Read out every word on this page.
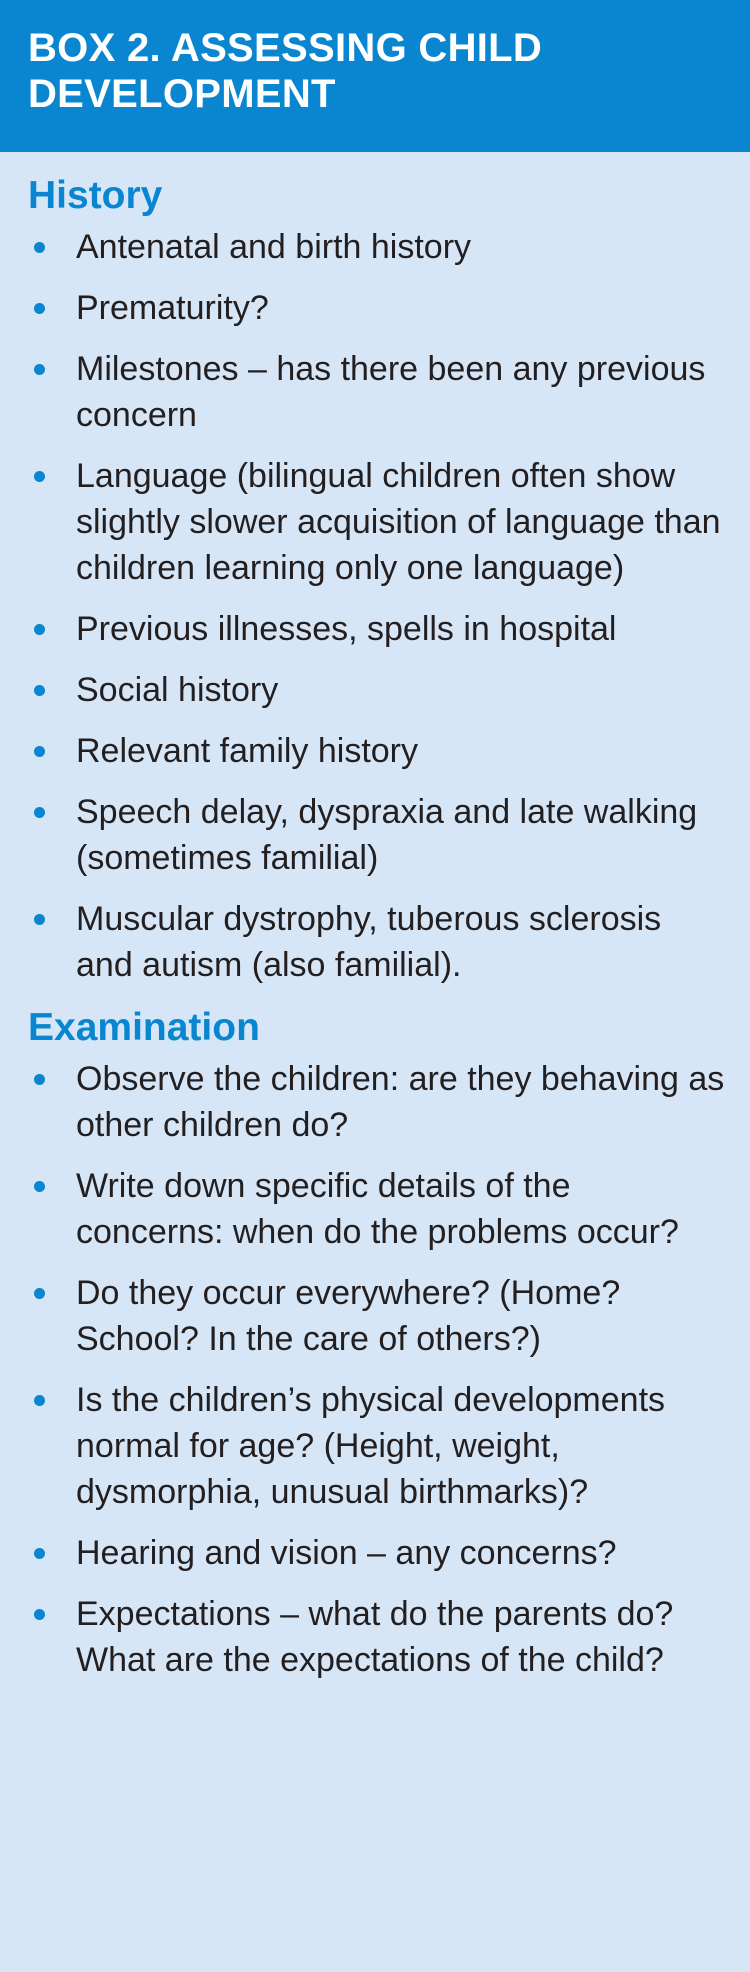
BOX 2. ASSESSING CHILD
DEVELOPMENT
History
Antenatal and birth history
Prematurity?
Milestones – has there been any previous concern
Language (bilingual children often show slightly slower acquisition of language than children learning only one language)
Previous illnesses, spells in hospital
Social history
Relevant family history
Speech delay, dyspraxia and late walking (sometimes familial)
Muscular dystrophy, tuberous sclerosis and autism (also familial).
Examination
Observe the children: are they behaving as other children do?
Write down specific details of the concerns: when do the problems occur?
Do they occur everywhere? (Home? School? In the care of others?)
Is the children’s physical developments normal for age? (Height, weight, dysmorphia, unusual birthmarks)?
Hearing and vision – any concerns?
Expectations – what do the parents do? What are the expectations of the child?
